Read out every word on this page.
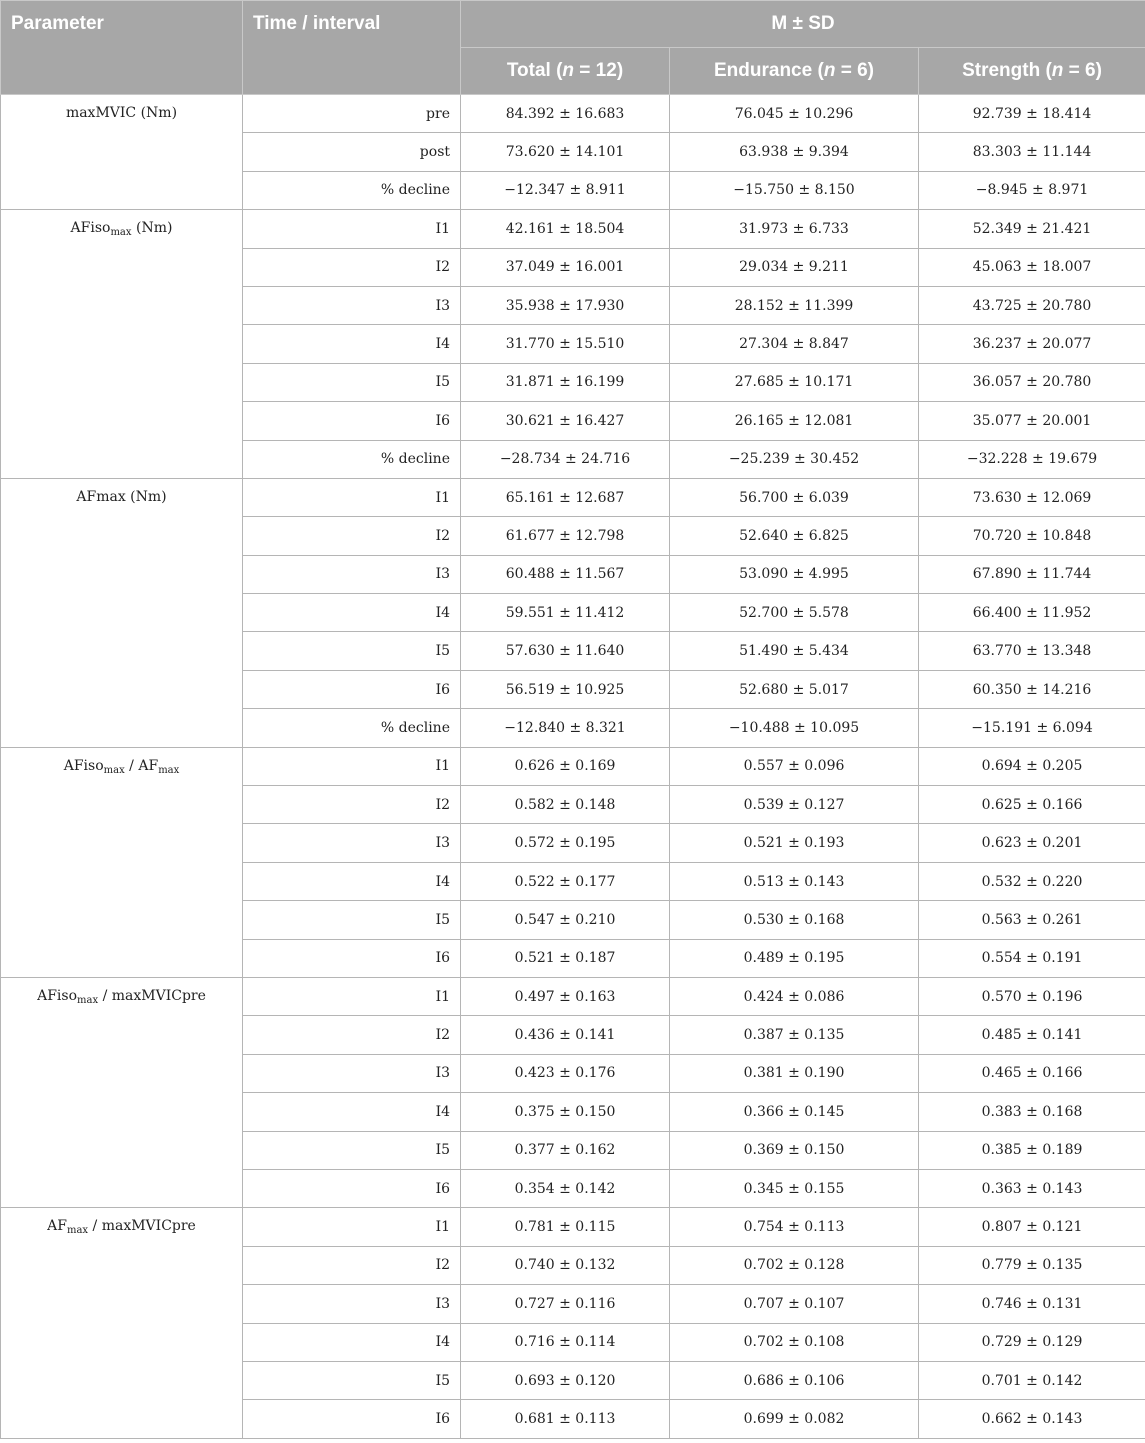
Parameter	Time / interval	M ± SD		
		Total (n = 12)	Endurance (n = 6)	Strength (n = 6)
maxMVIC (Nm)	pre	84.392 ± 16.683	76.045 ± 10.296	92.739 ± 18.414
	post	73.620 ± 14.101	63.938 ± 9.394	83.303 ± 11.144
	% decline	−12.347 ± 8.911	−15.750 ± 8.150	−8.945 ± 8.971
AFiso$_{max}$ (Nm)	I1	42.161 ± 18.504	31.973 ± 6.733	52.349 ± 21.421
	I2	37.049 ± 16.001	29.034 ± 9.211	45.063 ± 18.007
	I3	35.938 ± 17.930	28.152 ± 11.399	43.725 ± 20.780
	I4	31.770 ± 15.510	27.304 ± 8.847	36.237 ± 20.077
	I5	31.871 ± 16.199	27.685 ± 10.171	36.057 ± 20.780
	I6	30.621 ± 16.427	26.165 ± 12.081	35.077 ± 20.001
	% decline	−28.734 ± 24.716	−25.239 ± 30.452	−32.228 ± 19.679
AFmax (Nm)	I1	65.161 ± 12.687	56.700 ± 6.039	73.630 ± 12.069
	I2	61.677 ± 12.798	52.640 ± 6.825	70.720 ± 10.848
	I3	60.488 ± 11.567	53.090 ± 4.995	67.890 ± 11.744
	I4	59.551 ± 11.412	52.700 ± 5.578	66.400 ± 11.952
	I5	57.630 ± 11.640	51.490 ± 5.434	63.770 ± 13.348
	I6	56.519 ± 10.925	52.680 ± 5.017	60.350 ± 14.216
	% decline	−12.840 ± 8.321	−10.488 ± 10.095	−15.191 ± 6.094
AFiso$_{max}$ / $AF_{max}$	I1	0.626 ± 0.169	0.557 ± 0.096	0.694 ± 0.205
	I2	0.582 ± 0.148	0.539 ± 0.127	0.625 ± 0.166
	I3	0.572 ± 0.195	0.521 ± 0.193	0.623 ± 0.201
	I4	0.522 ± 0.177	0.513 ± 0.143	0.532 ± 0.220
	I5	0.547 ± 0.210	0.530 ± 0.168	0.563 ± 0.261
	I6	0.521 ± 0.187	0.489 ± 0.195	0.554 ± 0.191
AFiso$_{max}$ / maxMVICpre	I1	0.497 ± 0.163	0.424 ± 0.086	0.570 ± 0.196
	I2	0.436 ± 0.141	0.387 ± 0.135	0.485 ± 0.141
	I3	0.423 ± 0.176	0.381 ± 0.190	0.465 ± 0.166
	I4	0.375 ± 0.150	0.366 ± 0.145	0.383 ± 0.168
	I5	0.377 ± 0.162	0.369 ± 0.150	0.385 ± 0.189
	I6	0.354 ± 0.142	0.345 ± 0.155	0.363 ± 0.143
$AF_{max}$ / maxMVICpre	I1	0.781 ± 0.115	0.754 ± 0.113	0.807 ± 0.121
	I2	0.740 ± 0.132	0.702 ± 0.128	0.779 ± 0.135
	I3	0.727 ± 0.116	0.707 ± 0.107	0.746 ± 0.131
	I4	0.716 ± 0.114	0.702 ± 0.108	0.729 ± 0.129
	I5	0.693 ± 0.120	0.686 ± 0.106	0.701 ± 0.142
	I6	0.681 ± 0.113	0.699 ± 0.082	0.662 ± 0.143
